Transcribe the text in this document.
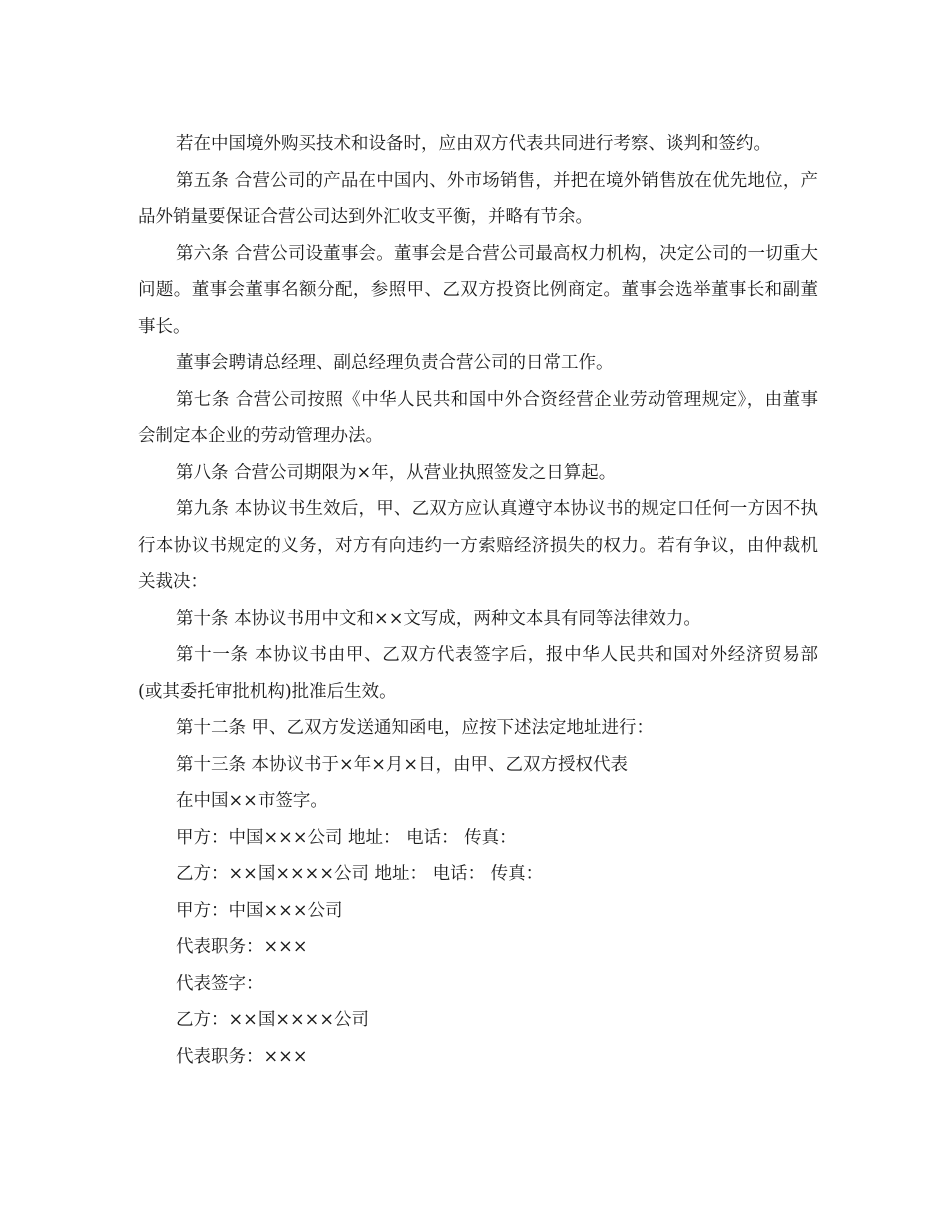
若在中国境外购买技术和设备时，应由双方代表共同进行考察、谈判和签约。

第五条 合营公司的产品在中国内、外市场销售，并把在境外销售放在优先地位，产品外销量要保证合营公司达到外汇收支平衡，并略有节余。

第六条 合营公司设董事会。董事会是合营公司最高权力机构，决定公司的一切重大问题。董事会董事名额分配，参照甲、乙双方投资比例商定。董事会选举董事长和副董事长。

董事会聘请总经理、副总经理负责合营公司的日常工作。

第七条 合营公司按照《中华人民共和国中外合资经营企业劳动管理规定》，由董事会制定本企业的劳动管理办法。

第八条 合营公司期限为×年，从营业执照签发之日算起。

第九条 本协议书生效后，甲、乙双方应认真遵守本协议书的规定口任何一方因不执行本协议书规定的义务，对方有向违约一方索赔经济损失的权力。若有争议，由仲裁机关裁决：

第十条 本协议书用中文和××文写成，两种文本具有同等法律效力。

第十一条 本协议书由甲、乙双方代表签字后，报中华人民共和国对外经济贸易部(或其委托审批机构)批准后生效。

第十二条 甲、乙双方发送通知函电，应按下述法定地址进行：

第十三条 本协议书于×年×月×日，由甲、乙双方授权代表

在中国××市签字。

甲方：中国×××公司 地址： 电话： 传真：

乙方：××国××××公司 地址： 电话： 传真：

甲方：中国×××公司

代表职务：×××

代表签字：

乙方：××国××××公司

代表职务：×××
